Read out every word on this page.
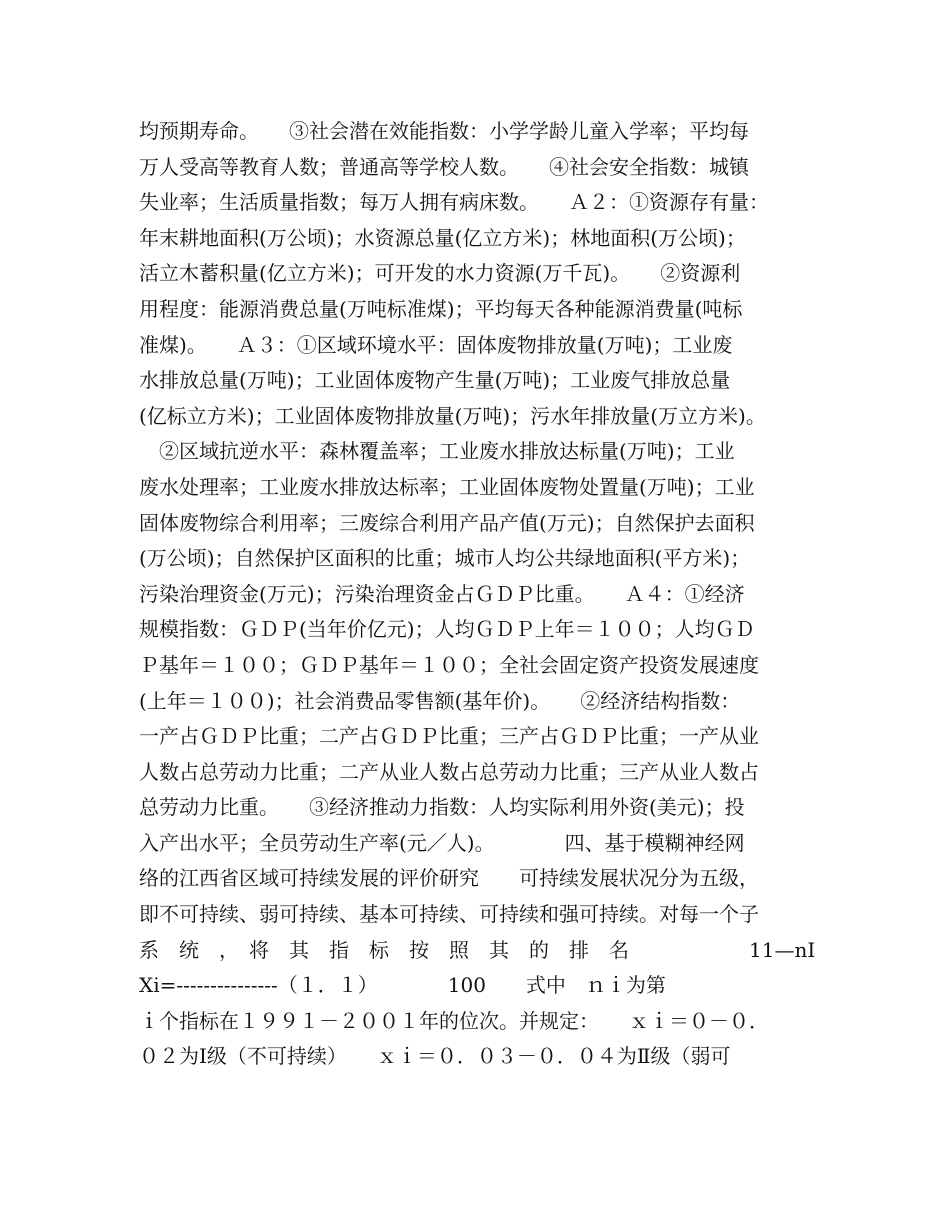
均预期寿命。　　③社会潜在效能指数：小学学龄儿童入学率；平均每
万人受高等教育人数；普通高等学校人数。　　④社会安全指数：城镇
失业率；生活质量指数；每万人拥有病床数。　　Ａ２：①资源存有量：
年末耕地面积(万公顷)；水资源总量(亿立方米)；林地面积(万公顷)；
活立木蓄积量(亿立方米)；可开发的水力资源(万千瓦)。　　②资源利
用程度：能源消费总量(万吨标准煤)；平均每天各种能源消费量(吨标
准煤)。　　Ａ３：①区域环境水平：固体废物排放量(万吨)；工业废
水排放总量(万吨)；工业固体废物产生量(万吨)；工业废气排放总量
(亿标立方米)；工业固体废物排放量(万吨)；污水年排放量(万立方米)。
　②区域抗逆水平：森林覆盖率；工业废水排放达标量(万吨)；工业
废水处理率；工业废水排放达标率；工业固体废物处置量(万吨)；工业
固体废物综合利用率；三废综合利用产品产值(万元)；自然保护去面积
(万公顷)；自然保护区面积的比重；城市人均公共绿地面积(平方米)；
污染治理资金(万元)；污染治理资金占ＧＤＰ比重。　　Ａ４：①经济
规模指数：ＧＤＰ(当年价亿元)；人均ＧＤＰ上年＝１００；人均ＧＤ
Ｐ基年＝１００；ＧＤＰ基年＝１００；全社会固定资产投资发展速度
(上年＝１００)；社会消费品零售额(基年价)。　　②经济结构指数：
一产占ＧＤＰ比重；二产占ＧＤＰ比重；三产占ＧＤＰ比重；一产从业
人数占总劳动力比重；二产从业人数占总劳动力比重；三产从业人数占
总劳动力比重。　　③经济推动力指数：人均实际利用外资(美元)；投
入产出水平；全员劳动生产率(元／人)。　　　　四、基于模糊神经网
络的江西省区域可持续发展的评价研究　　可持续发展状况分为五级，
即不可持续、弱可持续、基本可持续、可持续和强可持续。对每一个子
系　统　，　将　其　指　标　按　照　其　的　排　名　　　　　　11—nI
Xi=---------------（１．１）　　　　100　　式中　ｎｉ为第
ｉ个指标在１９９１－２００１年的位次。并规定：　　ｘｉ＝０－０．
０２为Ⅰ级（不可持续）　　ｘｉ＝０．０３－０．０４为Ⅱ级（弱可
